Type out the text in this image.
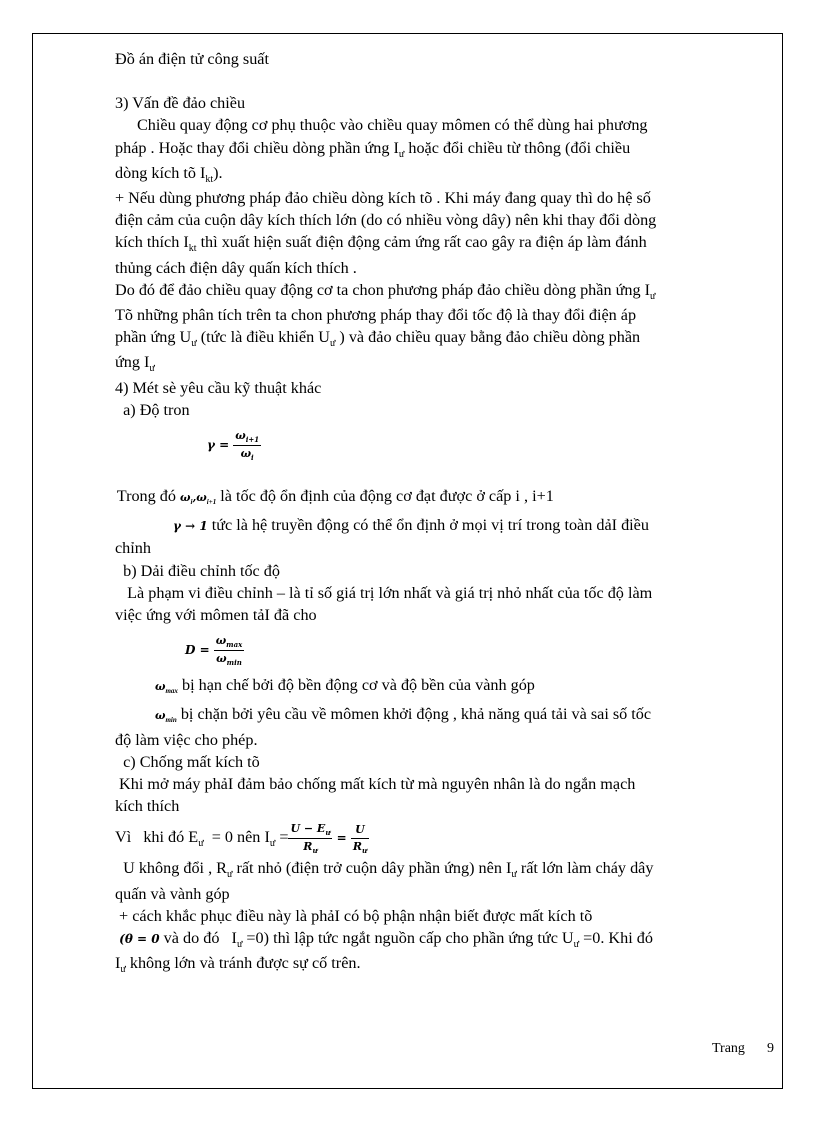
Đồ án điện tử công suất
3) Vấn đề đảo chiều
Chiều quay động cơ phụ thuộc vào chiều quay mômen có thể dùng hai phương
pháp . Hoặc thay đổi chiều dòng phần ứng $I_ư$ hoặc đổi chiều từ thông (đổi chiều
dòng kích tõ $I_{kt}$).
+ Nếu dùng phương pháp đảo chiều dòng kích tõ . Khi máy đang quay thì do hệ số
điện cảm của cuộn dây kích thích lớn (do có nhiều vòng dây) nên khi thay đổi dòng
kích thích $I_{kt}$ thì xuất hiện suất điện động cảm ứng rất cao gây ra điện áp làm đánh
thủng cách điện dây quấn kích thích .
Do đó để đảo chiều quay động cơ ta chon phương pháp đảo chiều dòng phần ứng $I_ư$
Tõ những phân tích trên ta chon phương pháp thay đổi tốc độ là thay đổi điện áp
phần ứng $U_ư$ (tức là điều khiển $U_ư$ ) và đảo chiều quay bằng đảo chiều dòng phần
ứng $I_ư$
4) Mét sè yêu cầu kỹ thuật khác
a) Độ tron
$\gamma = \frac{\omega_{i+1}}{\omega_i}$
Trong đó ωi,ωi+1 là tốc độ ổn định của động cơ đạt được ở cấp i , i+1
γ → 1 tức là hệ truyền động có thể ổn định ở mọi vị trí trong toàn dảI điều
chỉnh
b) Dải điều chỉnh tốc độ
Là phạm vi điều chỉnh – là tỉ số giá trị lớn nhất và giá trị nhỏ nhất của tốc độ làm
việc ứng với mômen tảI đã cho
$D = \frac{\omega_{max}}{\omega_{min}}$
ωmax bị hạn chế bởi độ bền động cơ và độ bền của vành góp
ωmin bị chặn bởi yêu cầu về mômen khởi động , khả năng quá tải và sai số tốc
độ làm việc cho phép.
c) Chống mất kích tõ
Khi mở máy phảI đảm bảo chống mất kích từ mà nguyên nhân là do ngắn mạch
kích thích
Vì   khi đó $E_ư = 0$ nên $I_ư = \frac{U - E_ư}{R_ư} = \frac{U}{R_ư}$
U không đổi , $R_ư$ rất nhỏ (điện trở cuộn dây phần ứng) nên $I_ư$ rất lớn làm cháy dây
quấn và vành góp
+ cách khắc phục điều này là phảI có bộ phận nhận biết được mất kích tõ
(θ = 0 và do đó   $I_ư =0$) thì lập tức ngắt nguồn cấp cho phần ứng tức $U_ư =0$. Khi đó
$I_ư$ không lớn và tránh được sự cố trên.
Trang 9
